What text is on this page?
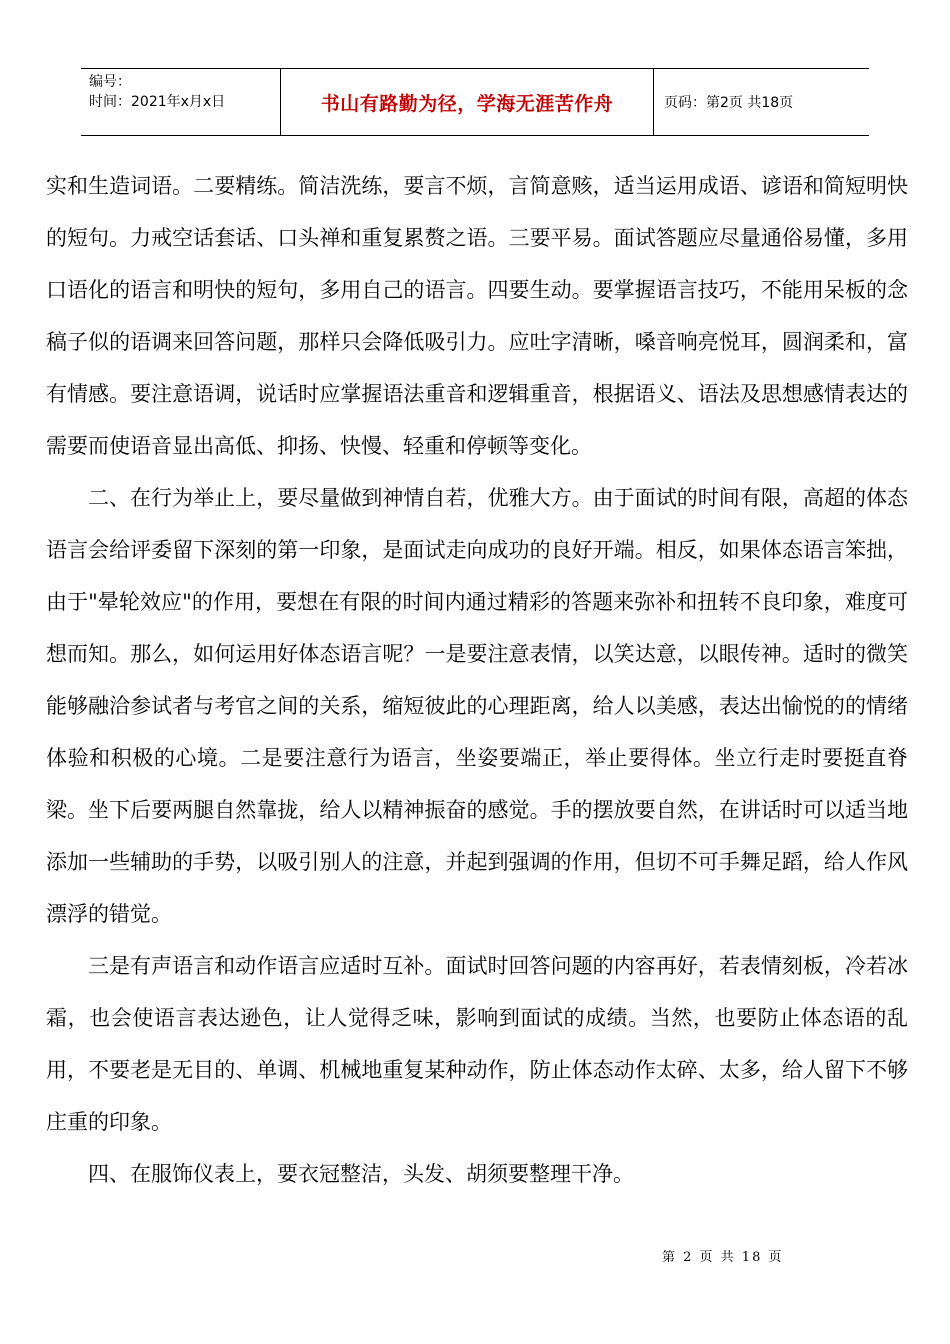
编号：
时间：2021年x月x日	书山有路勤为径，学海无涯苦作舟	页码：第2页 共18页

实和生造词语。二要精练。简洁洗练，要言不烦，言简意赅，适当运用成语、谚语和简短明快的短句。力戒空话套话、口头禅和重复累赘之语。三要平易。面试答题应尽量通俗易懂，多用口语化的语言和明快的短句，多用自己的语言。四要生动。要掌握语言技巧，不能用呆板的念稿子似的语调来回答问题，那样只会降低吸引力。应吐字清晰，嗓音响亮悦耳，圆润柔和，富有情感。要注意语调，说话时应掌握语法重音和逻辑重音，根据语义、语法及思想感情表达的需要而使语音显出高低、抑扬、快慢、轻重和停顿等变化。

二、在行为举止上，要尽量做到神情自若，优雅大方。由于面试的时间有限，高超的体态语言会给评委留下深刻的第一印象，是面试走向成功的良好开端。相反，如果体态语言笨拙，由于"晕轮效应"的作用，要想在有限的时间内通过精彩的答题来弥补和扭转不良印象，难度可想而知。那么，如何运用好体态语言呢？一是要注意表情，以笑达意，以眼传神。适时的微笑能够融洽参试者与考官之间的关系，缩短彼此的心理距离，给人以美感，表达出愉悦的的情绪体验和积极的心境。二是要注意行为语言，坐姿要端正，举止要得体。坐立行走时要挺直脊梁。坐下后要两腿自然靠拢，给人以精神振奋的感觉。手的摆放要自然，在讲话时可以适当地添加一些辅助的手势，以吸引别人的注意，并起到强调的作用，但切不可手舞足蹈，给人作风漂浮的错觉。

三是有声语言和动作语言应适时互补。面试时回答问题的内容再好，若表情刻板，冷若冰霜，也会使语言表达逊色，让人觉得乏味，影响到面试的成绩。当然，也要防止体态语的乱用，不要老是无目的、单调、机械地重复某种动作，防止体态动作太碎、太多，给人留下不够庄重的印象。

四、在服饰仪表上，要衣冠整洁，头发、胡须要整理干净。

第 2 页 共 18 页
